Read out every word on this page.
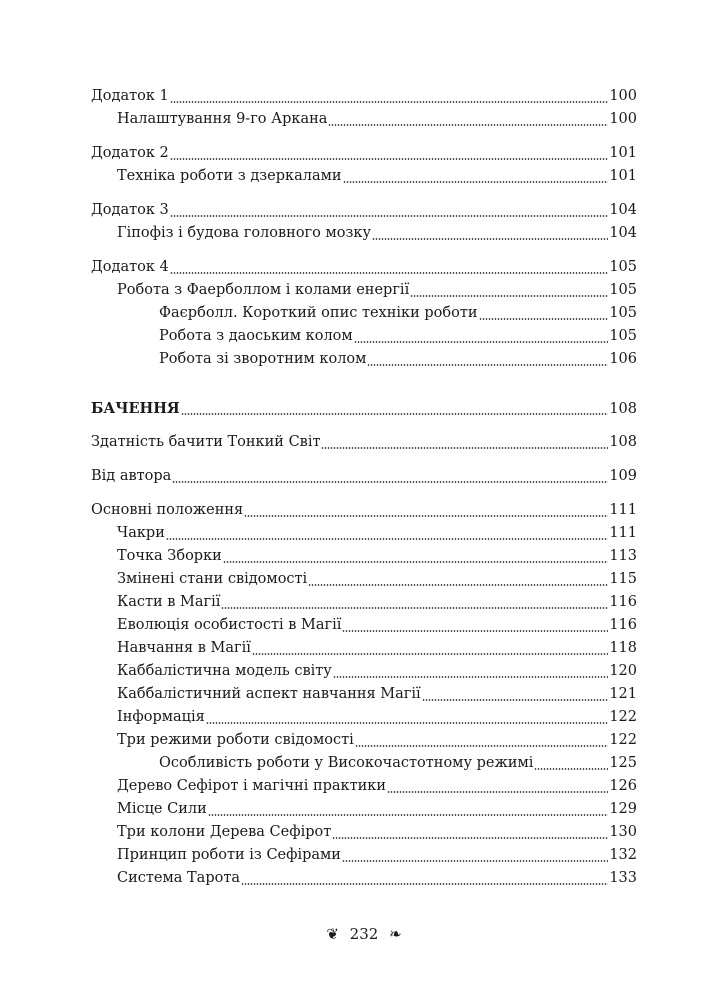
Додаток 1	100
Налаштування 9-го Аркана	100
Додаток 2	101
Техніка роботи з дзеркалами	101
Додаток 3	104
Гіпофіз і будова головного мозку	104
Додаток 4	105
Робота з Фаерболлом і колами енергії	105
Фаєрболл. Короткий опис техніки роботи	105
Робота з даоським колом	105
Робота зі зворотним колом	106
БАЧЕННЯ	108
Здатність бачити Тонкий Світ	108
Від автора	109
Основні положення	111
Чакри	111
Точка Зборки	113
Змінені стани свідомості	115
Касти в Магії	116
Еволюція особистості в Магії	116
Навчання в Магії	118
Каббалістична модель світу	120
Каббалістичний аспект навчання Магії	121
Інформація	122
Три режими роботи свідомості	122
Особливість роботи у Високочастотному режимі	125
Дерево Сефірот і магічні практики	126
Місце Сили	129
Три колони Дерева Сефірот	130
Принцип роботи із Сефірами	132
Система Тарота	133
❦ 232 ❧
